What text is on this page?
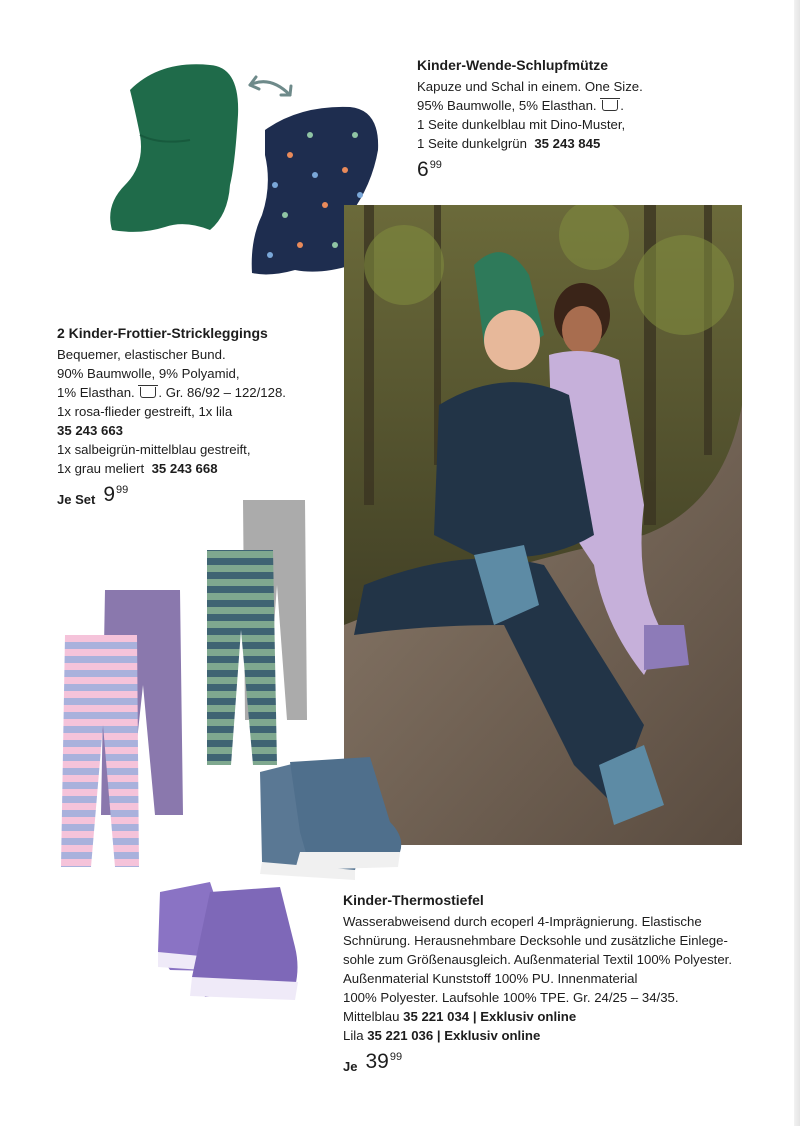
Kinder-Wende-Schlupfmütze
Kapuze und Schal in einem. One Size.
95% Baumwolle, 5% Elasthan. .
1 Seite dunkelblau mit Dino-Muster,
1 Seite dunkelgrün 35 243 845
6 99
2 Kinder-Frottier-Strickleggings
Bequemer, elastischer Bund.
90% Baumwolle, 9% Polyamid,
1% Elasthan. . Gr. 86/92 – 122/128.
1x rosa-flieder gestreift, 1x lila
35 243 663
1x salbeigrün-mittelblau gestreift,
1x grau meliert 35 243 668
Je Set 9 99
Kinder-Thermostiefel
Wasserabweisend durch ecoperl 4-Imprägnierung. Elastische
Schnürung. Herausnehmbare Decksohle und zusätzliche Einlege-
sohle zum Größenausgleich. Außenmaterial Textil 100% Polyester.
Außenmaterial Kunststoff 100% PU. Innenmaterial
100% Polyester. Laufsohle 100% TPE. Gr. 24/25 – 34/35.
Mittelblau 35 221 034 | Exklusiv online
Lila 35 221 036 | Exklusiv online
Je 39 99
